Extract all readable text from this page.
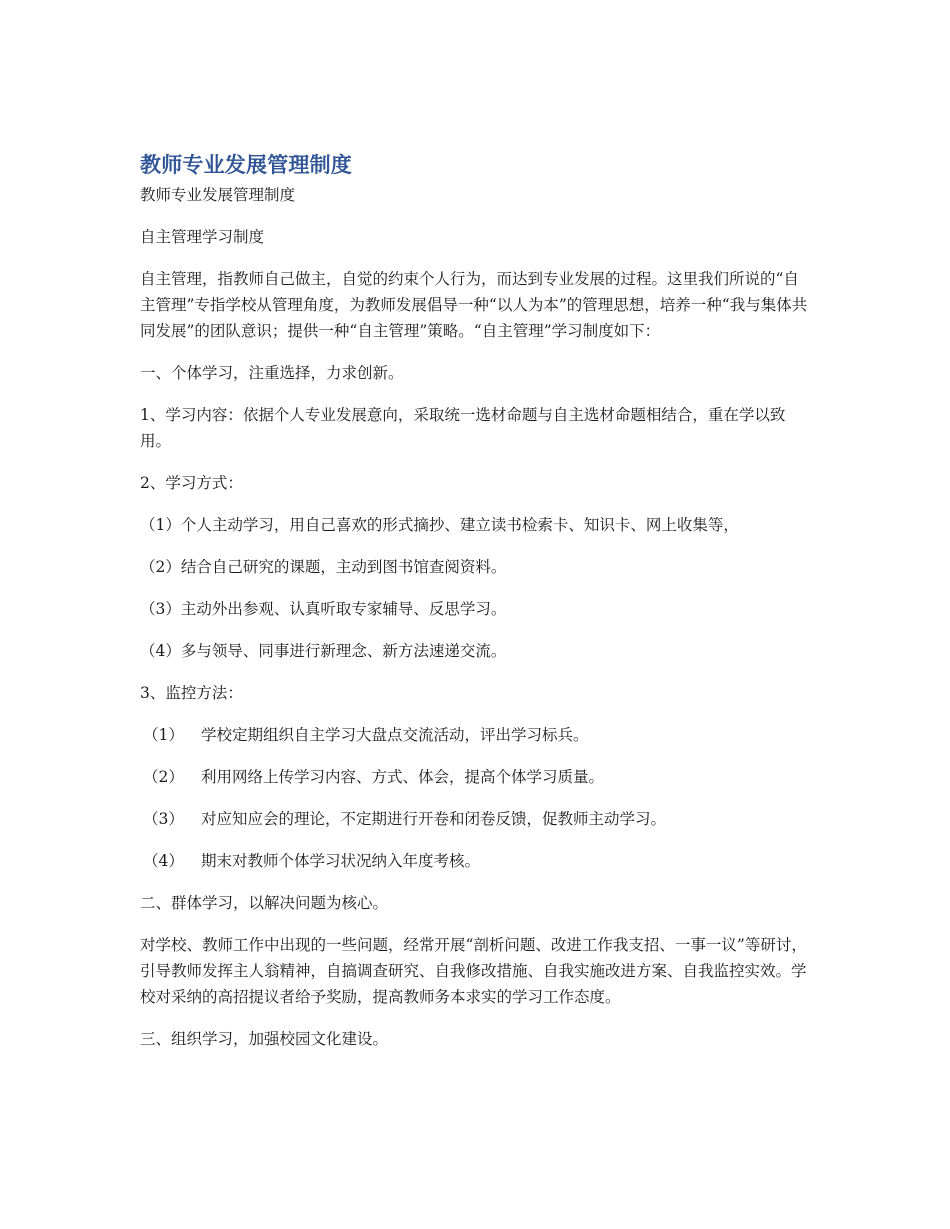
教师专业发展管理制度

教师专业发展管理制度

自主管理学习制度

自主管理，指教师自己做主，自觉的约束个人行为，而达到专业发展的过程。这里我们所说的“自主管理”专指学校从管理角度，为教师发展倡导一种“以人为本”的管理思想，培养一种“我与集体共同发展”的团队意识；提供一种“自主管理”策略。“自主管理”学习制度如下：

一、个体学习，注重选择，力求创新。

1、学习内容：依据个人专业发展意向，采取统一选材命题与自主选材命题相结合，重在学以致用。

2、学习方式：

（1）个人主动学习，用自己喜欢的形式摘抄、建立读书检索卡、知识卡、网上收集等，

（2）结合自己研究的课题，主动到图书馆查阅资料。

（3）主动外出参观、认真听取专家辅导、反思学习。

（4）多与领导、同事进行新理念、新方法速递交流。

3、监控方法：

（1）	学校定期组织自主学习大盘点交流活动，评出学习标兵。

（2）	利用网络上传学习内容、方式、体会，提高个体学习质量。

（3）	对应知应会的理论，不定期进行开卷和闭卷反馈，促教师主动学习。

（4）	期末对教师个体学习状况纳入年度考核。

二、群体学习，以解决问题为核心。

对学校、教师工作中出现的一些问题，经常开展“剖析问题、改进工作我支招、一事一议”等研讨，引导教师发挥主人翁精神，自搞调查研究、自我修改措施、自我实施改进方案、自我监控实效。学校对采纳的高招提议者给予奖励，提高教师务本求实的学习工作态度。

三、组织学习，加强校园文化建设。
